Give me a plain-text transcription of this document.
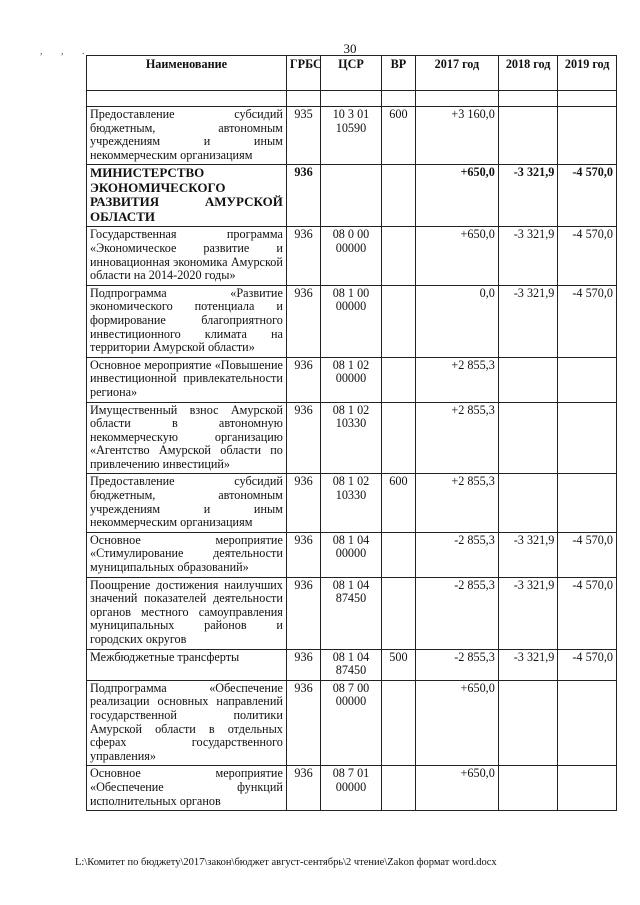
, , .	30
Наименование	ГРБС	ЦСР	ВР	2017 год	2018 год	2019 год

Предоставление субсидий бюджетным, автономным учреждениям и иным некоммерческим организациям	935	10 3 01 10590	600	+3 160,0		
МИНИСТЕРСТВО ЭКОНОМИЧЕСКОГО РАЗВИТИЯ АМУРСКОЙ ОБЛАСТИ	936			+650,0	-3 321,9	-4 570,0
Государственная программа «Экономическое развитие и инновационная экономика Амурской области на 2014-2020 годы»	936	08 0 00 00000		+650,0	-3 321,9	-4 570,0
Подпрограмма «Развитие экономического потенциала и формирование благоприятного инвестиционного климата на территории Амурской области»	936	08 1 00 00000		0,0	-3 321,9	-4 570,0
Основное мероприятие «Повышение инвестиционной привлекательности региона»	936	08 1 02 00000		+2 855,3		
Имущественный взнос Амурской области в автономную некоммерческую организацию «Агентство Амурской области по привлечению инвестиций»	936	08 1 02 10330		+2 855,3		
Предоставление субсидий бюджетным, автономным учреждениям и иным некоммерческим организациям	936	08 1 02 10330	600	+2 855,3		
Основное мероприятие «Стимулирование деятельности муниципальных образований»	936	08 1 04 00000		-2 855,3	-3 321,9	-4 570,0
Поощрение достижения наилучших значений показателей деятельности органов местного самоуправления муниципальных районов и городских округов	936	08 1 04 87450		-2 855,3	-3 321,9	-4 570,0
Межбюджетные трансферты	936	08 1 04 87450	500	-2 855,3	-3 321,9	-4 570,0
Подпрограмма «Обеспечение реализации основных направлений государственной политики Амурской области в отдельных сферах государственного управления»	936	08 7 00 00000		+650,0		
Основное мероприятие «Обеспечение функций исполнительных органов	936	08 7 01 00000		+650,0		
L:\Комитет по бюджету\2017\закон\бюджет август-сентябрь\2 чтение\Zakon формат word.docx
